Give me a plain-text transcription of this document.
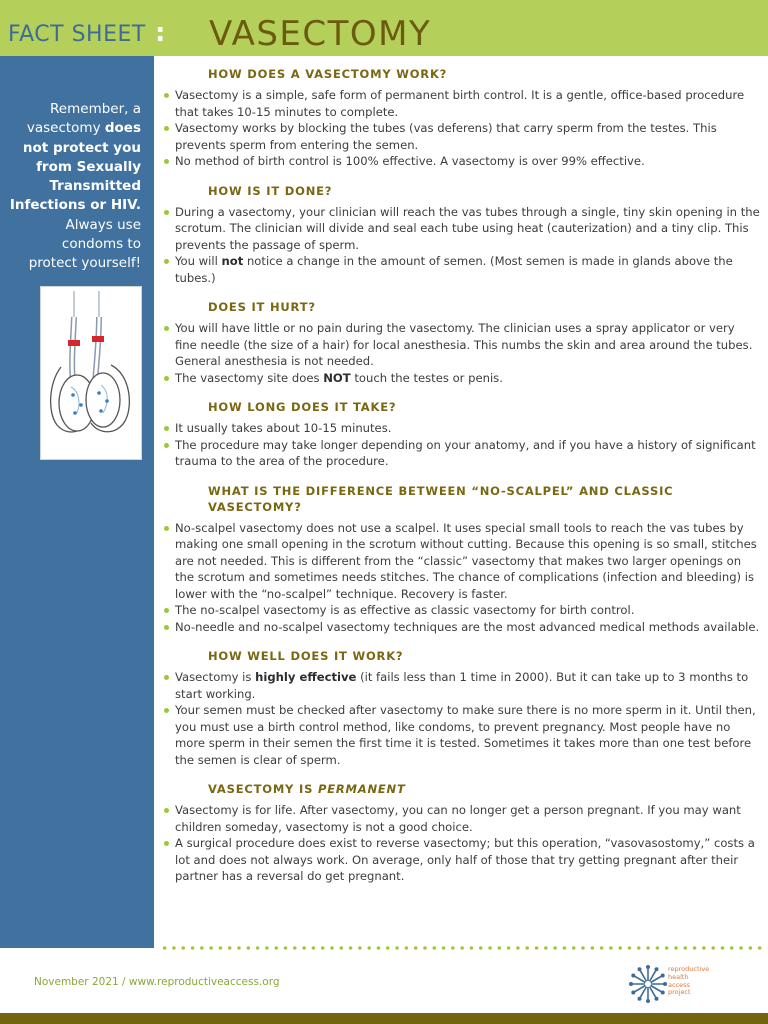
FACT SHEET : VASECTOMY
Remember, a
vasectomy does
not protect you
from Sexually
Transmitted
Infections or HIV.
Always use
condoms to
protect yourself!
HOW DOES A VASECTOMY WORK?
Vasectomy is a simple, safe form of permanent birth control. It is a gentle, office-based procedure that takes 10-15 minutes to complete.
Vasectomy works by blocking the tubes (vas deferens) that carry sperm from the testes. This prevents sperm from entering the semen.
No method of birth control is 100% effective. A vasectomy is over 99% effective.
HOW IS IT DONE?
During a vasectomy, your clinician will reach the vas tubes through a single, tiny skin opening in the scrotum. The clinician will divide and seal each tube using heat (cauterization) and a tiny clip. This prevents the passage of sperm.
You will not notice a change in the amount of semen. (Most semen is made in glands above the tubes.)
DOES IT HURT?
You will have little or no pain during the vasectomy. The clinician uses a spray applicator or very fine needle (the size of a hair) for local anesthesia. This numbs the skin and area around the tubes. General anesthesia is not needed.
The vasectomy site does NOT touch the testes or penis.
HOW LONG DOES IT TAKE?
It usually takes about 10-15 minutes.
The procedure may take longer depending on your anatomy, and if you have a history of significant trauma to the area of the procedure.
WHAT IS THE DIFFERENCE BETWEEN “NO-SCALPEL” AND CLASSIC VASECTOMY?
No-scalpel vasectomy does not use a scalpel. It uses special small tools to reach the vas tubes by making one small opening in the scrotum without cutting. Because this opening is so small, stitches are not needed. This is different from the “classic” vasectomy that makes two larger openings on the scrotum and sometimes needs stitches. The chance of complications (infection and bleeding) is lower with the “no-scalpel” technique. Recovery is faster.
The no-scalpel vasectomy is as effective as classic vasectomy for birth control.
No-needle and no-scalpel vasectomy techniques are the most advanced medical methods available.
HOW WELL DOES IT WORK?
Vasectomy is highly effective (it fails less than 1 time in 2000). But it can take up to 3 months to start working.
Your semen must be checked after vasectomy to make sure there is no more sperm in it. Until then, you must use a birth control method, like condoms, to prevent pregnancy. Most people have no more sperm in their semen the first time it is tested. Sometimes it takes more than one test before the semen is clear of sperm.
VASECTOMY IS PERMANENT
Vasectomy is for life. After vasectomy, you can no longer get a person pregnant. If you may want children someday, vasectomy is not a good choice.
A surgical procedure does exist to reverse vasectomy; but this operation, “vasovasostomy,” costs a lot and does not always work. On average, only half of those that try getting pregnant after their partner has a reversal do get pregnant.
November 2021 / www.reproductiveaccess.org
reproductive
health
access
project
